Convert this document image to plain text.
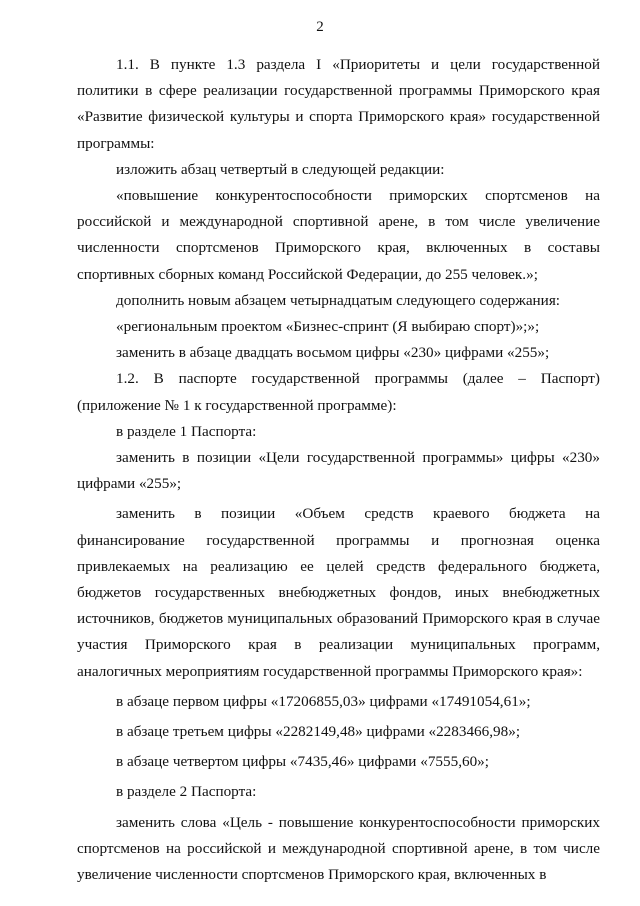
2

1.1. В пункте 1.3 раздела I «Приоритеты и цели государственной политики в сфере реализации государственной программы Приморского края «Развитие физической культуры и спорта Приморского края» государственной программы:

изложить абзац четвертый в следующей редакции:

«повышение конкурентоспособности приморских спортсменов на российской и международной спортивной арене, в том числе увеличение численности спортсменов Приморского края, включенных в составы спортивных сборных команд Российской Федерации, до 255 человек.»;

дополнить новым абзацем четырнадцатым следующего содержания:

«региональным проектом «Бизнес-спринт (Я выбираю спорт)»;»;

заменить в абзаце двадцать восьмом цифры «230» цифрами «255»;

1.2. В паспорте государственной программы (далее – Паспорт) (приложение № 1 к государственной программе):

в разделе 1 Паспорта:

заменить в позиции «Цели государственной программы» цифры «230» цифрами «255»;

заменить в позиции «Объем средств краевого бюджета на финансирование государственной программы и прогнозная оценка привлекаемых на реализацию ее целей средств федерального бюджета, бюджетов государственных внебюджетных фондов, иных внебюджетных источников, бюджетов муниципальных образований Приморского края в случае участия Приморского края в реализации муниципальных программ, аналогичных мероприятиям государственной программы Приморского края»:

в абзаце первом цифры «17206855,03» цифрами «17491054,61»;

в абзаце третьем цифры «2282149,48» цифрами «2283466,98»;

в абзаце четвертом цифры «7435,46» цифрами «7555,60»;

в разделе 2 Паспорта:

заменить слова «Цель - повышение конкурентоспособности приморских спортсменов на российской и международной спортивной арене, в том числе увеличение численности спортсменов Приморского края, включенных в
